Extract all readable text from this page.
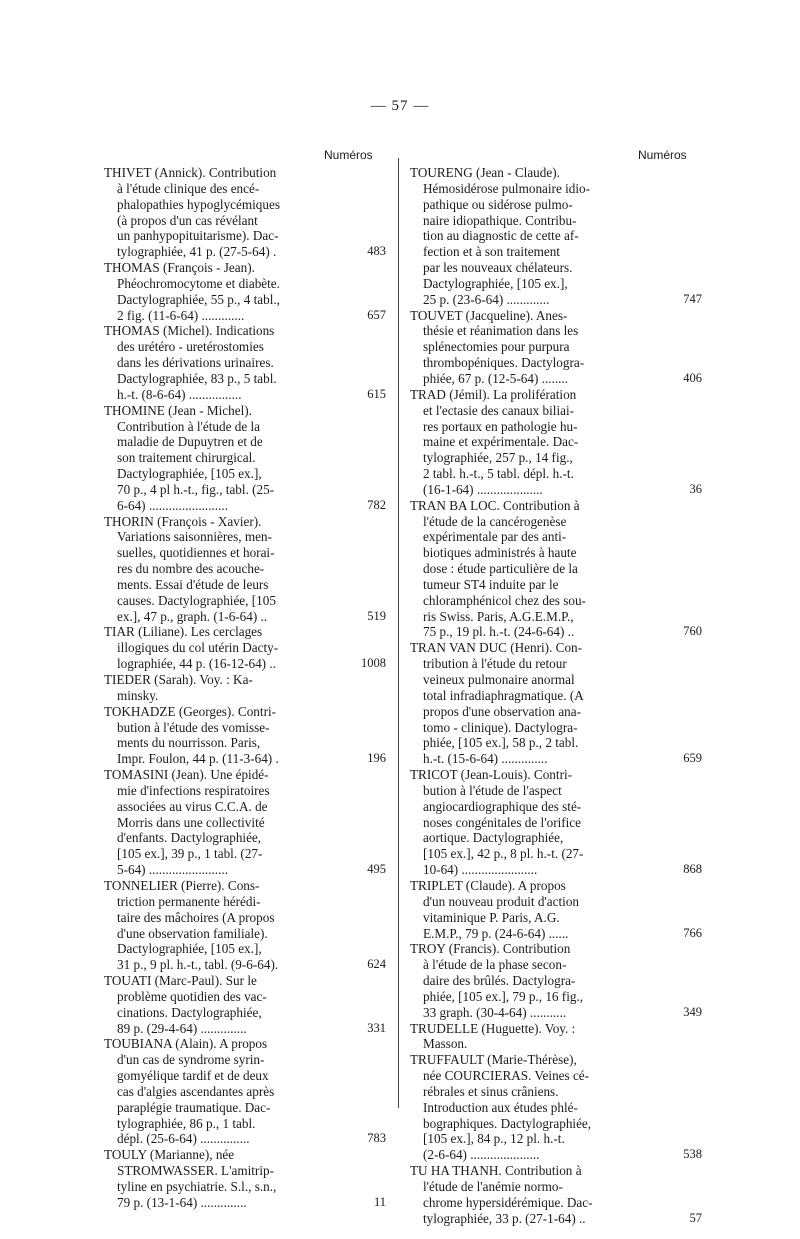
— 57 —
Numéros
THIVET (Annick). Contribution
à l'étude clinique des encé-
phalopathies hypoglycémiques
(à propos d'un cas révélant
un panhypopituitarisme). Dac-
tylographiée, 41 p. (27-5-64) .	483
THOMAS (François - Jean).
Phéochromocytome et diabète.
Dactylographiée, 55 p., 4 tabl.,
2 fig. (11-6-64) .............	657
THOMAS (Michel). Indications
des urétéro - uretérostomies
dans les dérivations urinaires.
Dactylographiée, 83 p., 5 tabl.
h.-t. (8-6-64) ................	615
THOMINE (Jean - Michel).
Contribution à l'étude de la
maladie de Dupuytren et de
son traitement chirurgical.
Dactylographiée, [105 ex.],
70 p., 4 pl h.-t., fig., tabl. (25-
6-64) ........................	782
THORIN (François - Xavier).
Variations saisonnières, men-
suelles, quotidiennes et horai-
res du nombre des acouche-
ments. Essai d'étude de leurs
causes. Dactylographiée, [105
ex.], 47 p., graph. (1-6-64) ..	519
TIAR (Liliane). Les cerclages
illogiques du col utérin Dacty-
lographiée, 44 p. (16-12-64) ..	1008
TIEDER (Sarah). Voy. : Ka-
minsky.
TOKHADZE (Georges). Contri-
bution à l'étude des vomisse-
ments du nourrisson. Paris,
Impr. Foulon, 44 p. (11-3-64) .	196
TOMASINI (Jean). Une épidé-
mie d'infections respiratoires
associées au virus C.C.A. de
Morris dans une collectivité
d'enfants. Dactylographiée,
[105 ex.], 39 p., 1 tabl. (27-
5-64) ........................	495
TONNELIER (Pierre). Cons-
triction permanente hérédi-
taire des mâchoires (A propos
d'une observation familiale).
Dactylographiée, [105 ex.],
31 p., 9 pl. h.-t., tabl. (9-6-64).	624
TOUATI (Marc-Paul). Sur le
problème quotidien des vac-
cinations. Dactylographiée,
89 p. (29-4-64) ..............	331
TOUBIANA (Alain). A propos
d'un cas de syndrome syrin-
gomyélique tardif et de deux
cas d'algies ascendantes après
paraplégie traumatique. Dac-
tylographiée, 86 p., 1 tabl.
dépl. (25-6-64) ...............	783
TOULY (Marianne), née
STROMWASSER. L'amitrip-
tyline en psychiatrie. S.l., s.n.,
79 p. (13-1-64) ..............	11
Numéros
TOURENG (Jean - Claude).
Hémosidérose pulmonaire idio-
pathique ou sidérose pulmo-
naire idiopathique. Contribu-
tion au diagnostic de cette af-
fection et à son traitement
par les nouveaux chélateurs.
Dactylographiée, [105 ex.],
25 p. (23-6-64) .............	747
TOUVET (Jacqueline). Anes-
thésie et réanimation dans les
splénectomies pour purpura
thrombopéniques. Dactylogra-
phiée, 67 p. (12-5-64) ........	406
TRAD (Jémil). La prolifération
et l'ectasie des canaux biliai-
res portaux en pathologie hu-
maine et expérimentale. Dac-
tylographiée, 257 p., 14 fig.,
2 tabl. h.-t., 5 tabl. dépl. h.-t.
(16-1-64) ....................	36
TRAN BA LOC. Contribution à
l'étude de la cancérogenèse
expérimentale par des anti-
biotiques administrés à haute
dose : étude particulière de la
tumeur ST4 induite par le
chloramphénicol chez des sou-
ris Swiss. Paris, A.G.E.M.P.,
75 p., 19 pl. h.-t. (24-6-64) ..	760
TRAN VAN DUC (Henri). Con-
tribution à l'étude du retour
veineux pulmonaire anormal
total infradiaphragmatique. (A
propos d'une observation ana-
tomo - clinique). Dactylogra-
phiée, [105 ex.], 58 p., 2 tabl.
h.-t. (15-6-64) ..............	659
TRICOT (Jean-Louis). Contri-
bution à l'étude de l'aspect
angiocardiographique des sté-
noses congénitales de l'orifice
aortique. Dactylographiée,
[105 ex.], 42 p., 8 pl. h.-t. (27-
10-64) .......................	868
TRIPLET (Claude). A propos
d'un nouveau produit d'action
vitaminique P. Paris, A.G.
E.M.P., 79 p. (24-6-64) ......	766
TROY (Francis). Contribution
à l'étude de la phase secon-
daire des brûlés. Dactylogra-
phiée, [105 ex.], 79 p., 16 fig.,
33 graph. (30-4-64) ...........	349
TRUDELLE (Huguette). Voy. :
Masson.
TRUFFAULT (Marie-Thérèse),
née COURCIERAS. Veines cé-
rébrales et sinus crâniens.
Introduction aux études phlé-
bographiques. Dactylographiée,
[105 ex.], 84 p., 12 pl. h.-t.
(2-6-64) .....................	538
TU HA THANH. Contribution à
l'étude de l'anémie normo-
chrome hypersidérémique. Dac-
tylographiée, 33 p. (27-1-64) ..	57
